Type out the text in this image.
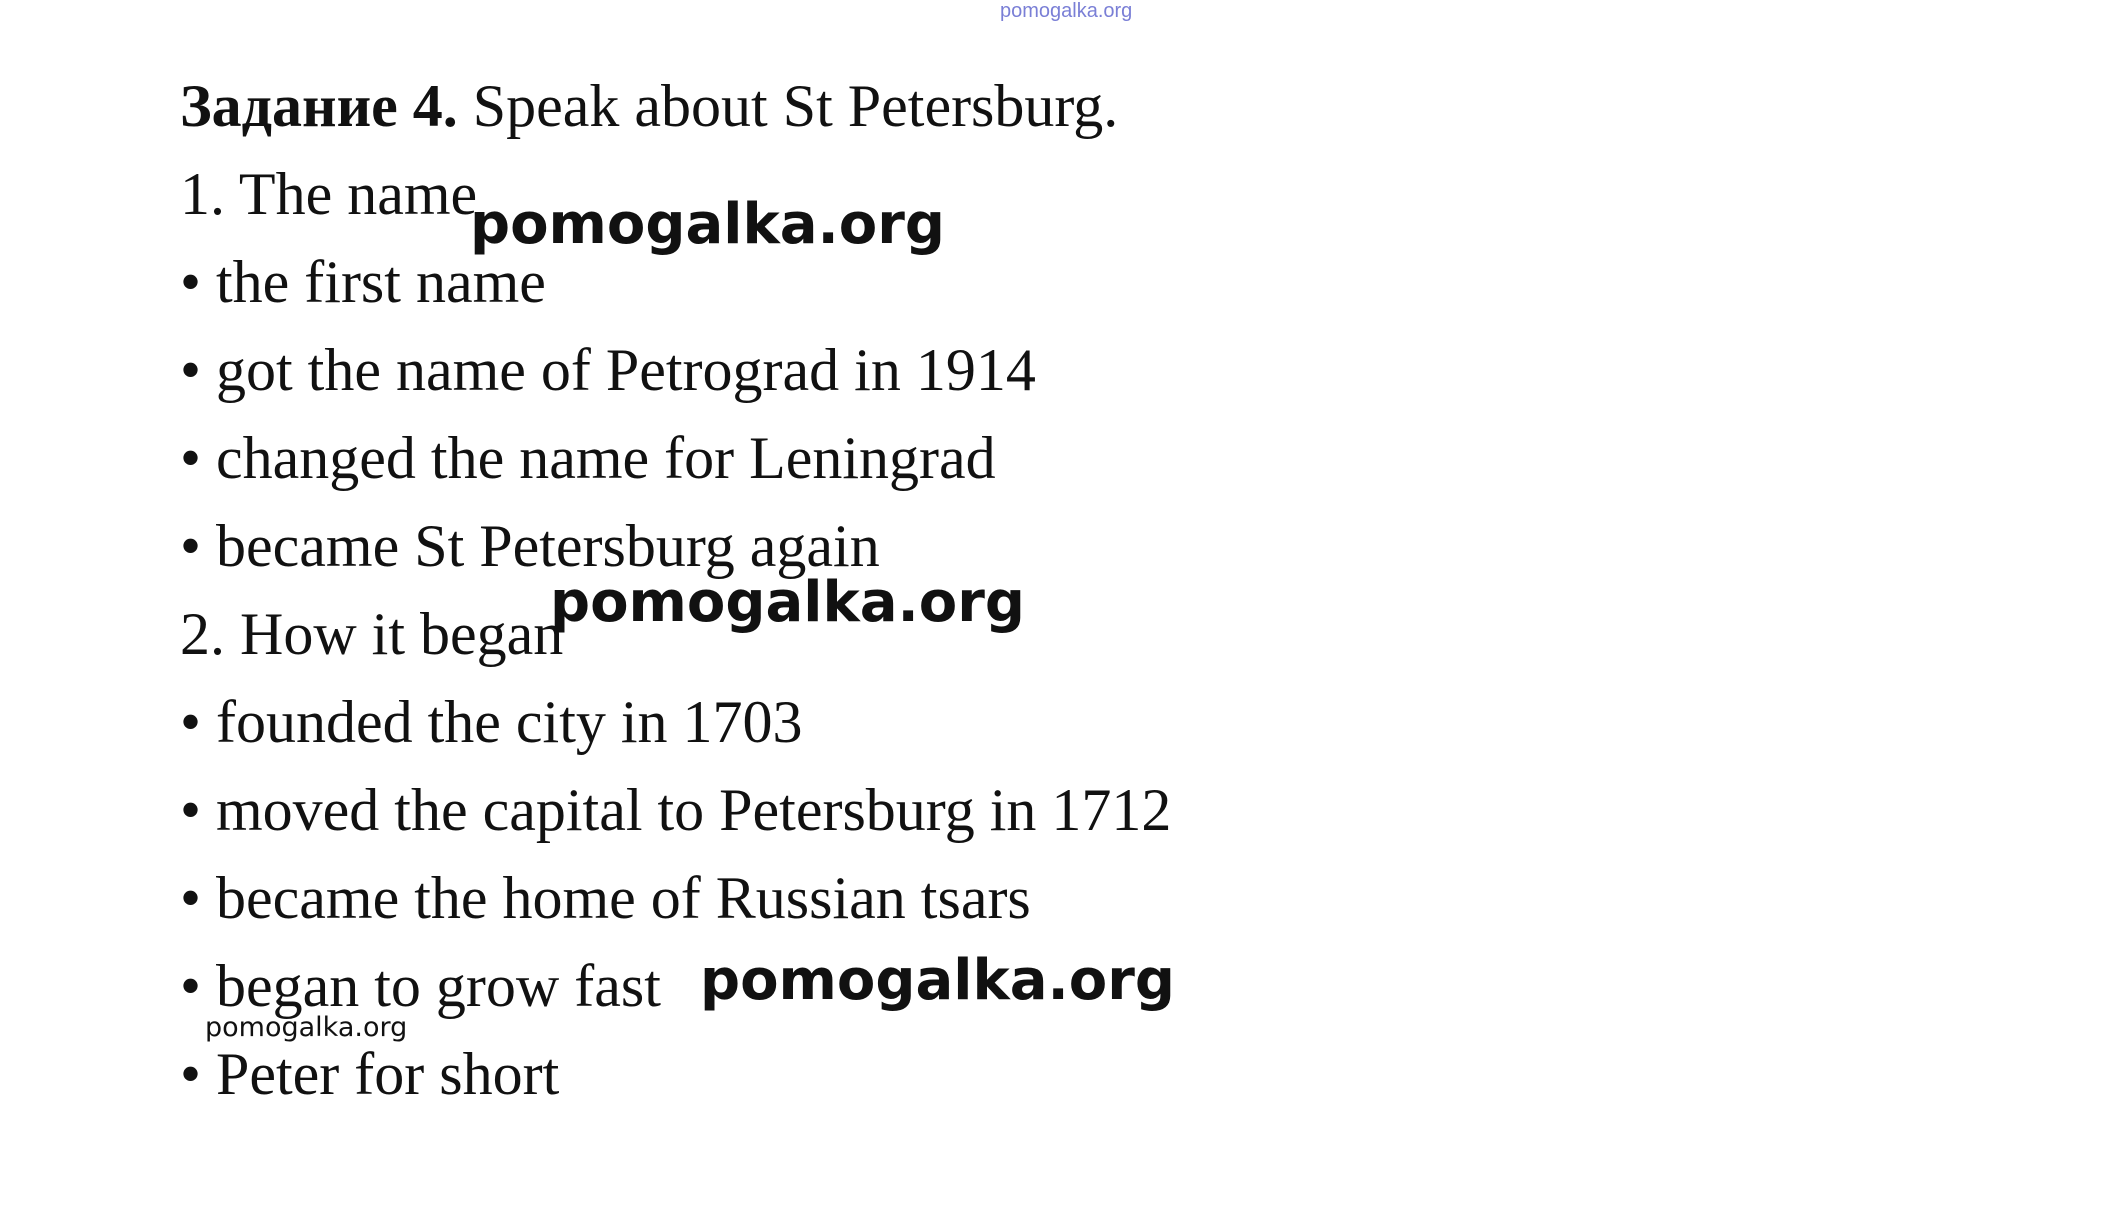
pomogalka.org
Задание 4. Speak about St Petersburg.
1. The name
• the first name
• got the name of Petrograd in 1914
• changed the name for Leningrad
• became St Petersburg again
2. How it began
• founded the city in 1703
• moved the capital to Petersburg in 1712
• became the home of Russian tsars
• began to grow fast
• Peter for short
pomogalka.org
pomogalka.org
pomogalka.org
pomogalka.org
